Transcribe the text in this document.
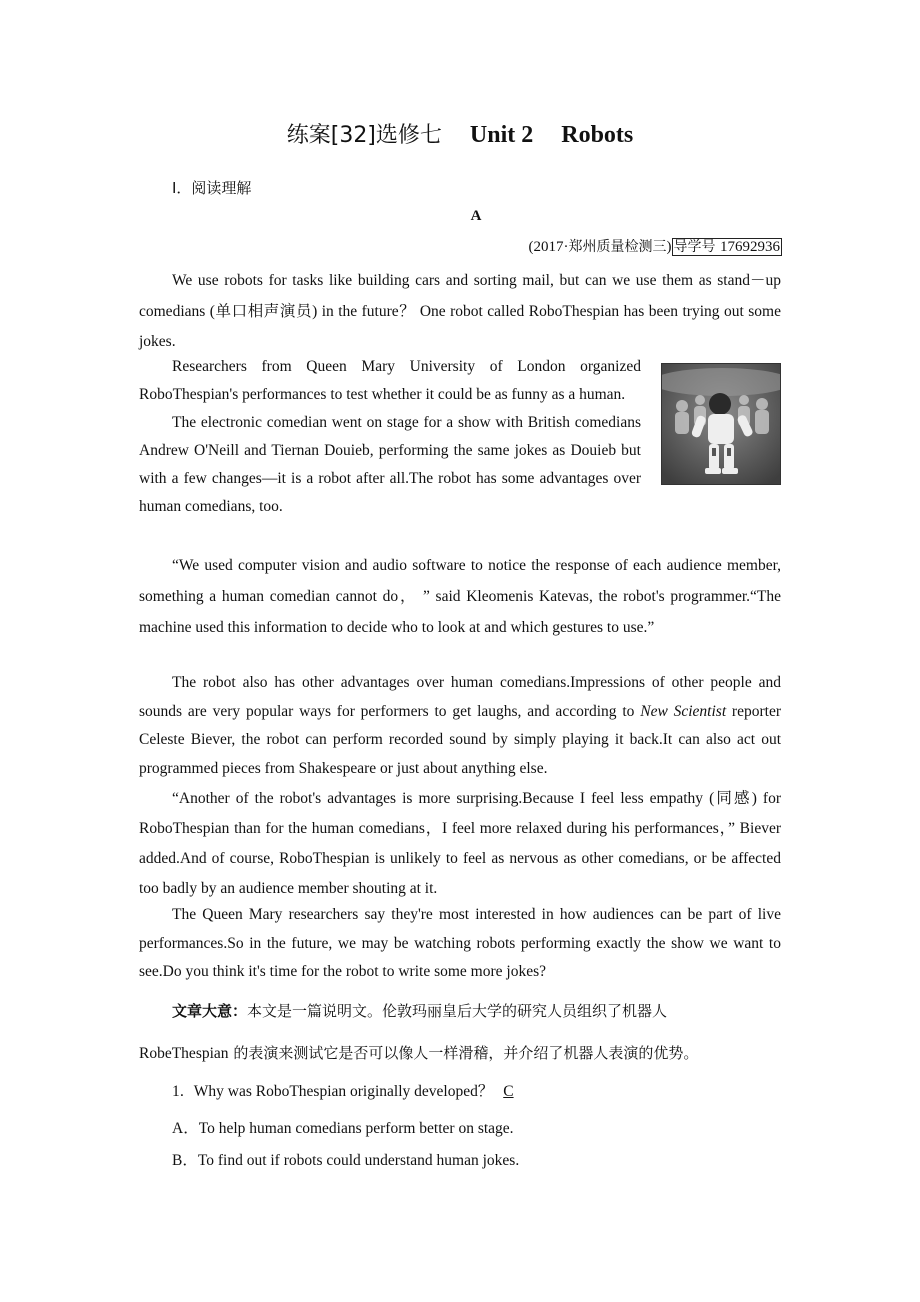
练案[32]选修七 Unit 2 Robots
Ⅰ．阅读理解
A
(2017·郑州质量检测三) 导学号 17692936

We use robots for tasks like building cars and sorting mail, but can we use them as stand－up comedians (单口相声演员) in the future？ One robot called RoboThespian has been trying out some jokes.

Researchers from Queen Mary University of London organized RoboThespian's performances to test whether it could be as funny as a human.

The electronic comedian went on stage for a show with British comedians Andrew O'Neill and Tiernan Douieb, performing the same jokes as Douieb but with a few changes—it is a robot after all.The robot has some advantages over human comedians, too.

“We used computer vision and audio software to notice the response of each audience member, something a human comedian cannot do， ” said Kleomenis Katevas, the robot's programmer.“The machine used this information to decide who to look at and which gestures to use.”

The robot also has other advantages over human comedians.Impressions of other people and sounds are very popular ways for performers to get laughs, and according to New Scientist reporter Celeste Biever, the robot can perform recorded sound by simply playing it back.It can also act out programmed pieces from Shakespeare or just about anything else.

“Another of the robot's advantages is more surprising.Because I feel less empathy (同感) for RoboThespian than for the human comedians，I feel more relaxed during his performances，” Biever added.And of course, RoboThespian is unlikely to feel as nervous as other comedians, or be affected too badly by an audience member shouting at it.

The Queen Mary researchers say they're most interested in how audiences can be part of live performances.So in the future, we may be watching robots performing exactly the show we want to see.Do you think it's time for the robot to write some more jokes?

文章大意：本文是一篇说明文。伦敦玛丽皇后大学的研究人员组织了机器人
RobeThespian 的表演来测试它是否可以像人一样滑稽，并介绍了机器人表演的优势。
1．Why was RoboThespian originally developed？ C
A．To help human comedians perform better on stage.
B．To find out if robots could understand human jokes.
